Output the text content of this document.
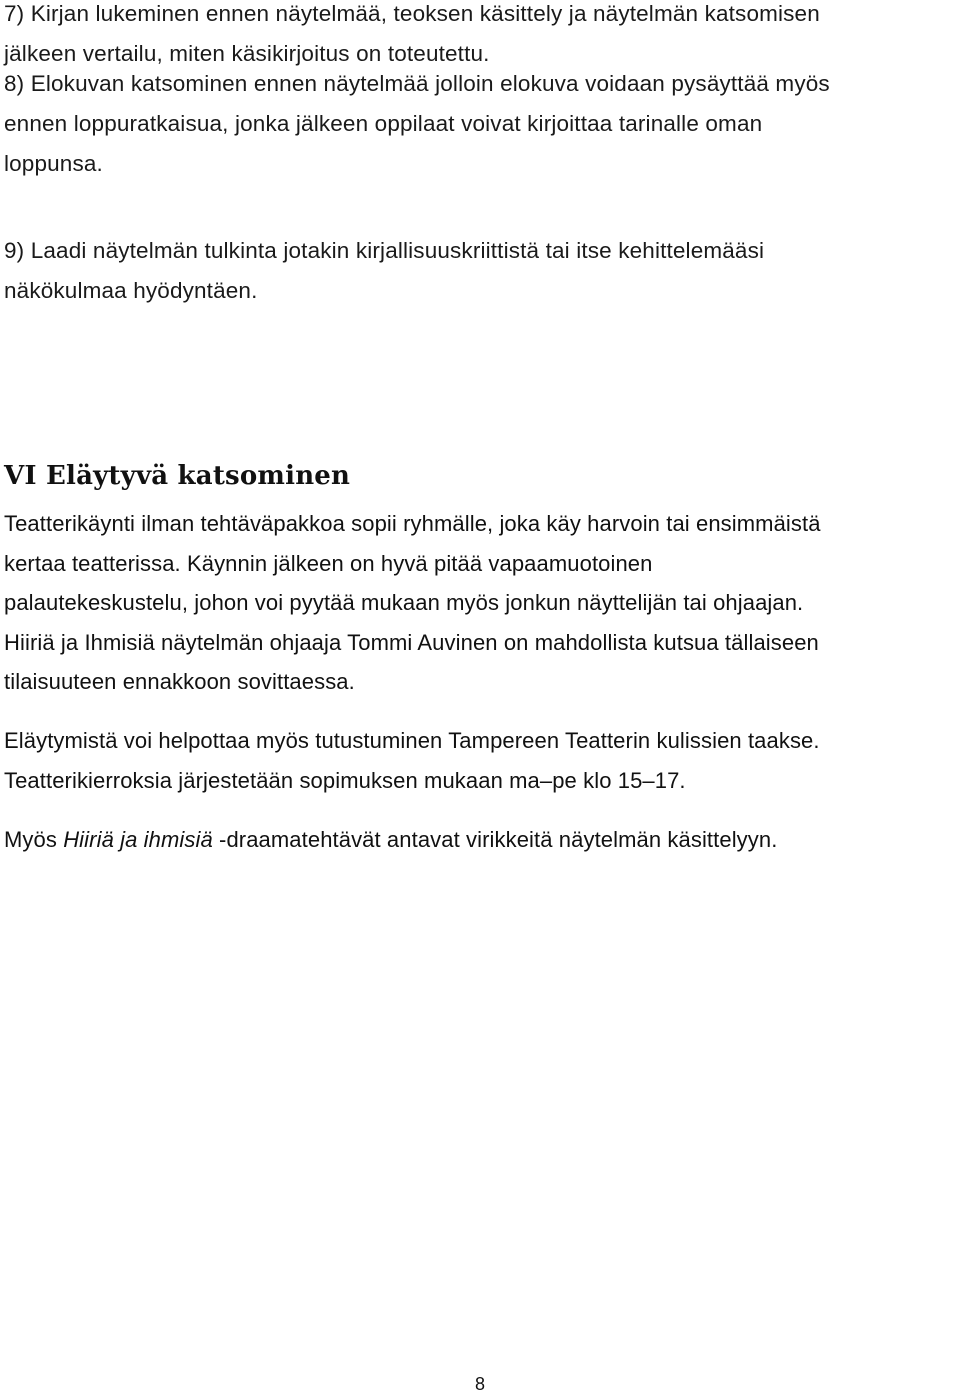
7) Kirjan lukeminen ennen näytelmää, teoksen käsittely ja näytelmän katsomisen
jälkeen vertailu, miten käsikirjoitus on toteutettu.

8) Elokuvan katsominen ennen näytelmää jolloin elokuva voidaan pysäyttää myös
ennen loppuratkaisua, jonka jälkeen oppilaat voivat kirjoittaa tarinalle oman
loppunsa.

9) Laadi näytelmän tulkinta jotakin kirjallisuuskriittistä tai itse kehittelemääsi
näkökulmaa hyödyntäen.

VI Eläytyvä katsominen

Teatterikäynti ilman tehtäväpakkoa sopii ryhmälle, joka käy harvoin tai ensimmäistä
kertaa teatterissa. Käynnin jälkeen on hyvä pitää vapaamuotoinen
palautekeskustelu, johon voi pyytää mukaan myös jonkun näyttelijän tai ohjaajan.
Hiiriä ja Ihmisiä näytelmän ohjaaja Tommi Auvinen on mahdollista kutsua tällaiseen
tilaisuuteen ennakkoon sovittaessa.

Eläytymistä voi helpottaa myös tutustuminen Tampereen Teatterin kulissien taakse.
Teatterikierroksia järjestetään sopimuksen mukaan ma–pe klo 15–17.

Myös Hiiriä ja ihmisiä -draamatehtävät antavat virikkeitä näytelmän käsittelyyn.

8
